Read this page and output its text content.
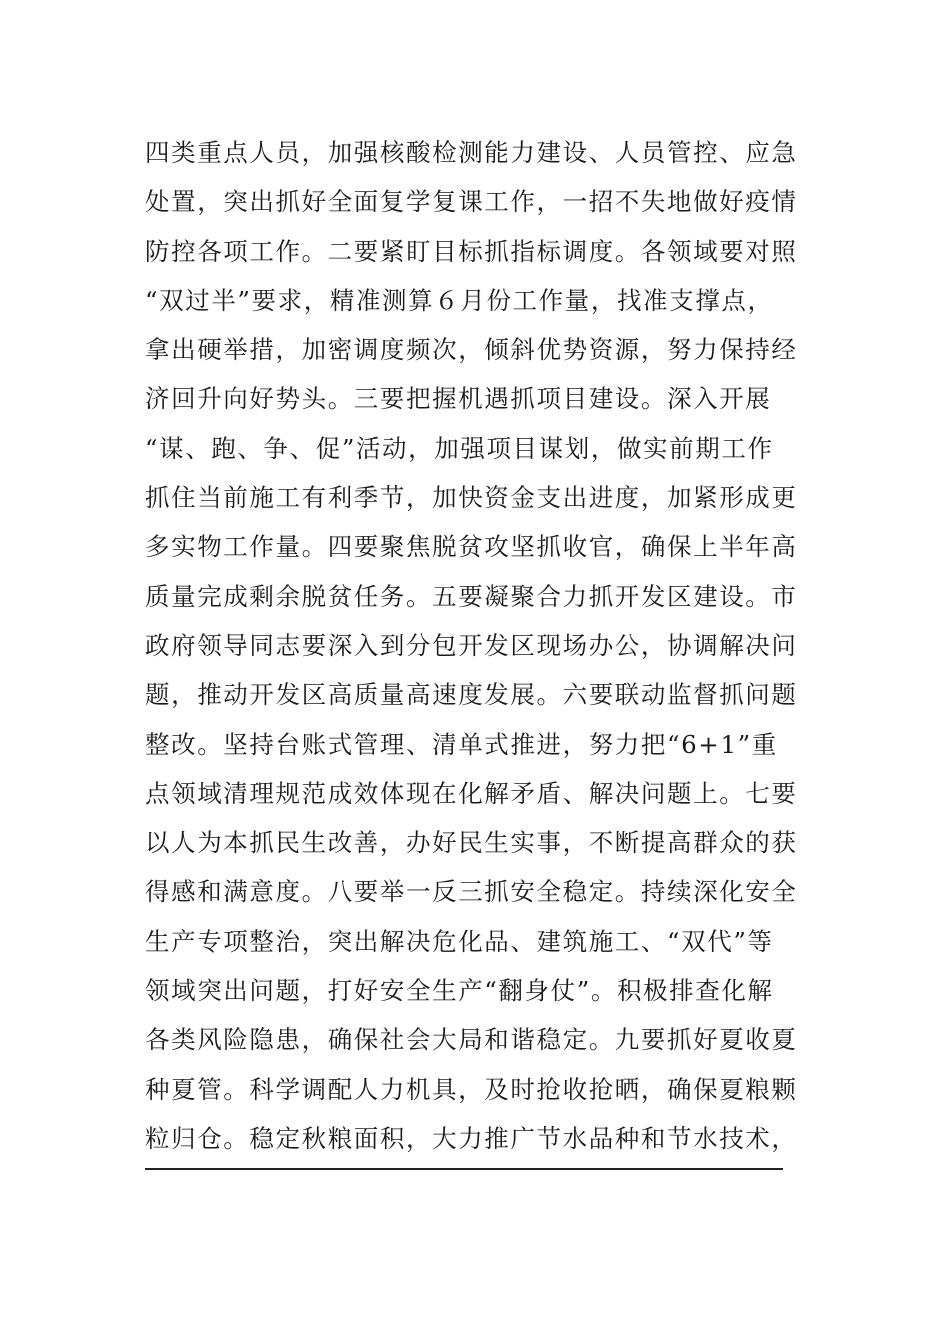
四类重点人员，加强核酸检测能力建设、人员管控、应急
处置，突出抓好全面复学复课工作，一招不失地做好疫情
防控各项工作。二要紧盯目标抓指标调度。各领域要对照
“双过半”要求，精准测算６月份工作量，找准支撑点，
拿出硬举措，加密调度频次，倾斜优势资源，努力保持经
济回升向好势头。三要把握机遇抓项目建设。深入开展
“谋、跑、争、促”活动，加强项目谋划，做实前期工作
抓住当前施工有利季节，加快资金支出进度，加紧形成更
多实物工作量。四要聚焦脱贫攻坚抓收官，确保上半年高
质量完成剩余脱贫任务。五要凝聚合力抓开发区建设。市
政府领导同志要深入到分包开发区现场办公，协调解决问
题，推动开发区高质量高速度发展。六要联动监督抓问题
整改。坚持台账式管理、清单式推进，努力把“6+1”重
点领域清理规范成效体现在化解矛盾、解决问题上。七要
以人为本抓民生改善，办好民生实事，不断提高群众的获
得感和满意度。八要举一反三抓安全稳定。持续深化安全
生产专项整治，突出解决危化品、建筑施工、“双代”等
领域突出问题，打好安全生产“翻身仗”。积极排查化解
各类风险隐患，确保社会大局和谐稳定。九要抓好夏收夏
种夏管。科学调配人力机具，及时抢收抢晒，确保夏粮颗
粒归仓。稳定秋粮面积，大力推广节水品种和节水技术，
